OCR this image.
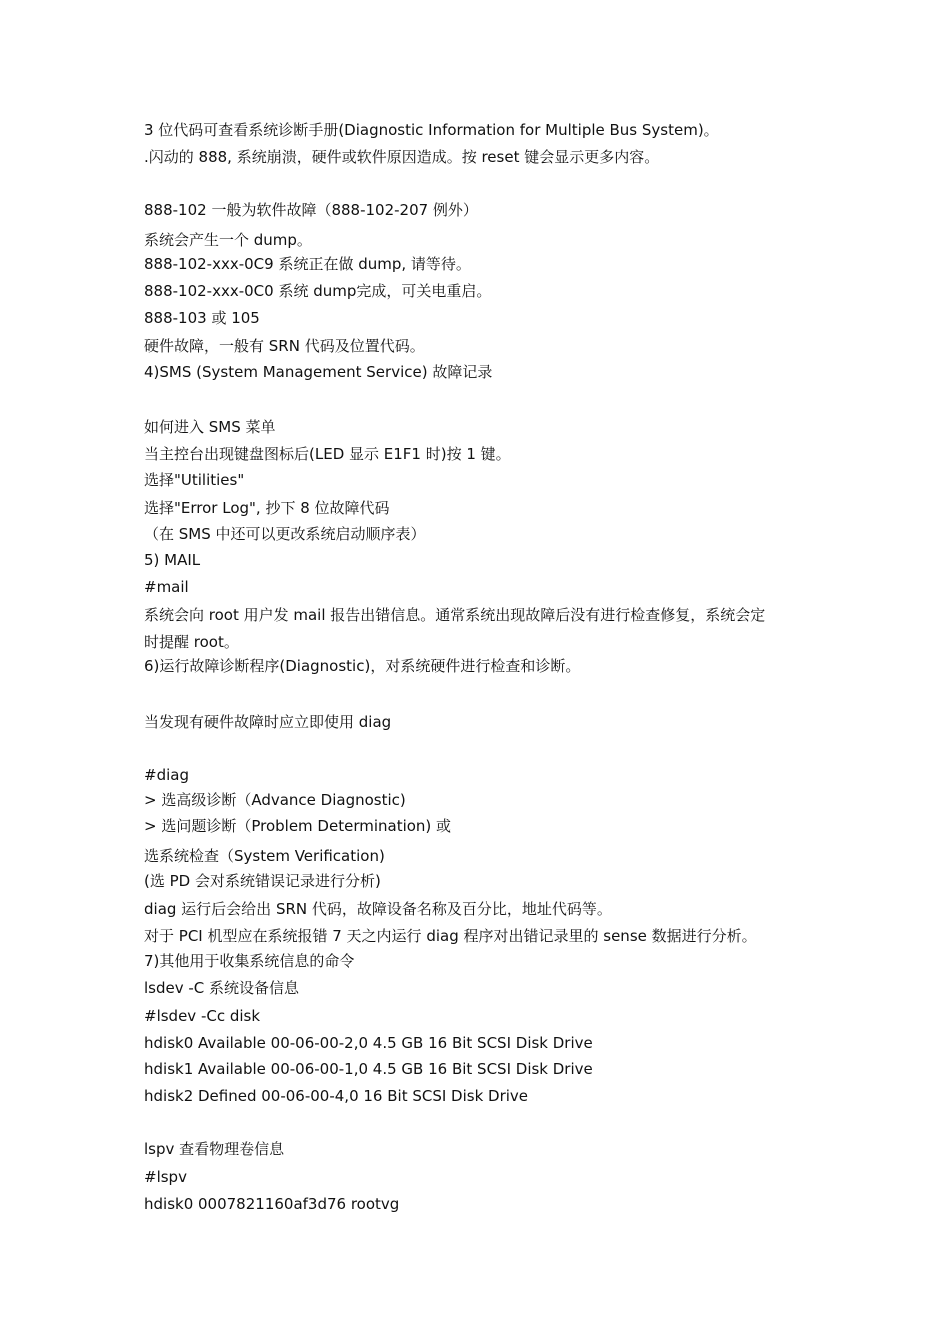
3 位代码可查看系统诊断手册(Diagnostic Information for Multiple Bus System)。
.闪动的 888, 系统崩溃，硬件或软件原因造成。按 reset 键会显示更多内容。
888-102 一般为软件故障（888-102-207 例外）
系统会产生一个 dump。
888-102-xxx-0C9 系统正在做 dump, 请等待。
888-102-xxx-0C0 系统 dump完成，可关电重启。
888-103 或 105
硬件故障，一般有 SRN 代码及位置代码。
4)SMS (System Management Service) 故障记录
如何进入 SMS 菜单
当主控台出现键盘图标后(LED 显示 E1F1 时)按 1 键。
选择"Utilities"
选择"Error Log", 抄下 8 位故障代码
（在 SMS 中还可以更改系统启动顺序表）
5) MAIL
#mail
系统会向 root 用户发 mail 报告出错信息。通常系统出现故障后没有进行检查修复，系统会定
时提醒 root。
6)运行故障诊断程序(Diagnostic)，对系统硬件进行检查和诊断。
当发现有硬件故障时应立即使用 diag
#diag
> 选高级诊断（Advance Diagnostic)
> 选问题诊断（Problem Determination) 或
选系统检查（System Verification)
(选 PD 会对系统错误记录进行分析)
diag 运行后会给出 SRN 代码，故障设备名称及百分比，地址代码等。
对于 PCI 机型应在系统报错 7 天之内运行 diag 程序对出错记录里的 sense 数据进行分析。
7)其他用于收集系统信息的命令
lsdev -C 系统设备信息
#lsdev -Cc disk
hdisk0 Available 00-06-00-2,0 4.5 GB 16 Bit SCSI Disk Drive
hdisk1 Available 00-06-00-1,0 4.5 GB 16 Bit SCSI Disk Drive
hdisk2 Defined 00-06-00-4,0 16 Bit SCSI Disk Drive
lspv 查看物理卷信息
#lspv
hdisk0 0007821160af3d76 rootvg
